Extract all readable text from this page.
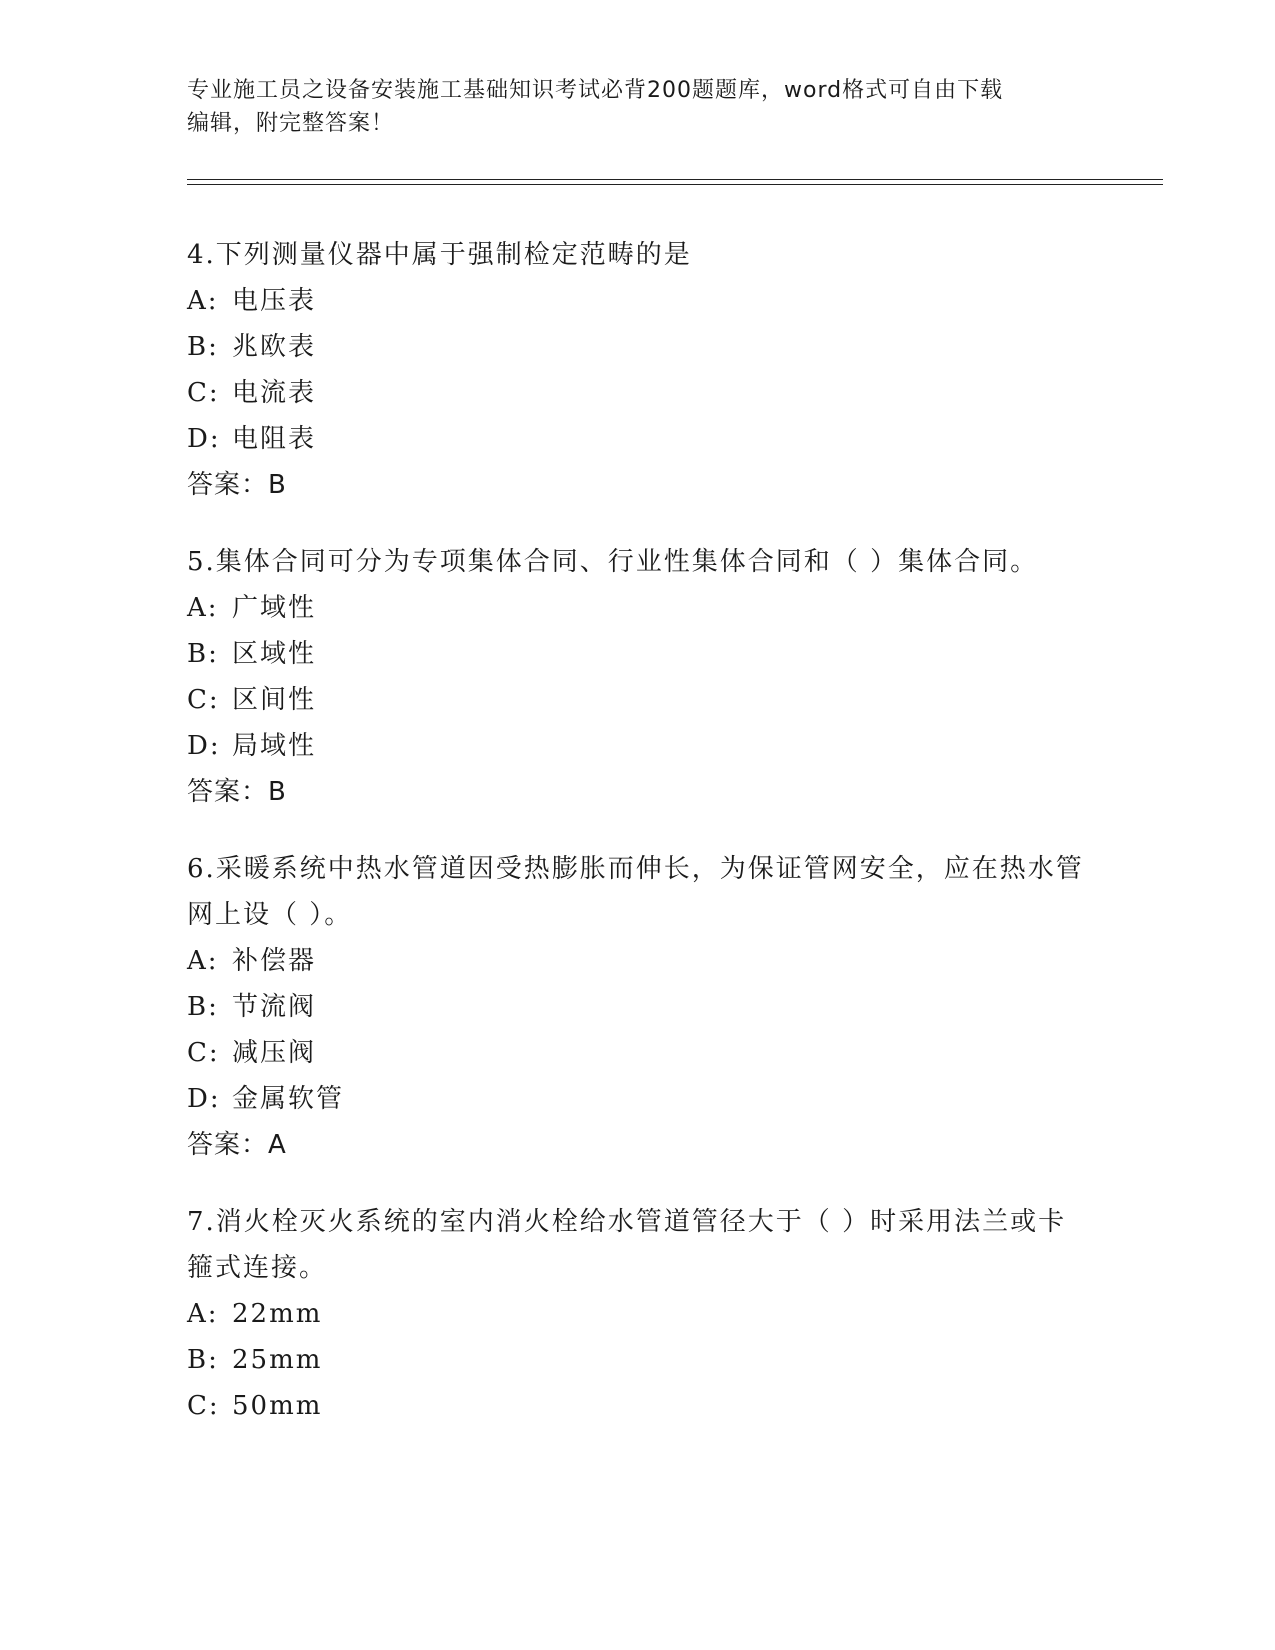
专业施工员之设备安装施工基础知识考试必背200题题库，word格式可自由下载
编辑，附完整答案！

4.下列测量仪器中属于强制检定范畴的是

A: 电压表
B: 兆欧表
C: 电流表
D: 电阻表
答案：B

5.集体合同可分为专项集体合同、行业性集体合同和（ ）集体合同。

A: 广域性
B: 区域性
C: 区间性
D: 局域性
答案：B

6.采暖系统中热水管道因受热膨胀而伸长，为保证管网安全，应在热水管网上设（ ）。

A: 补偿器
B: 节流阀
C: 减压阀
D: 金属软管
答案：A

7.消火栓灭火系统的室内消火栓给水管道管径大于（ ）时采用法兰或卡箍式连接。

A: 22mm
B: 25mm
C: 50mm
